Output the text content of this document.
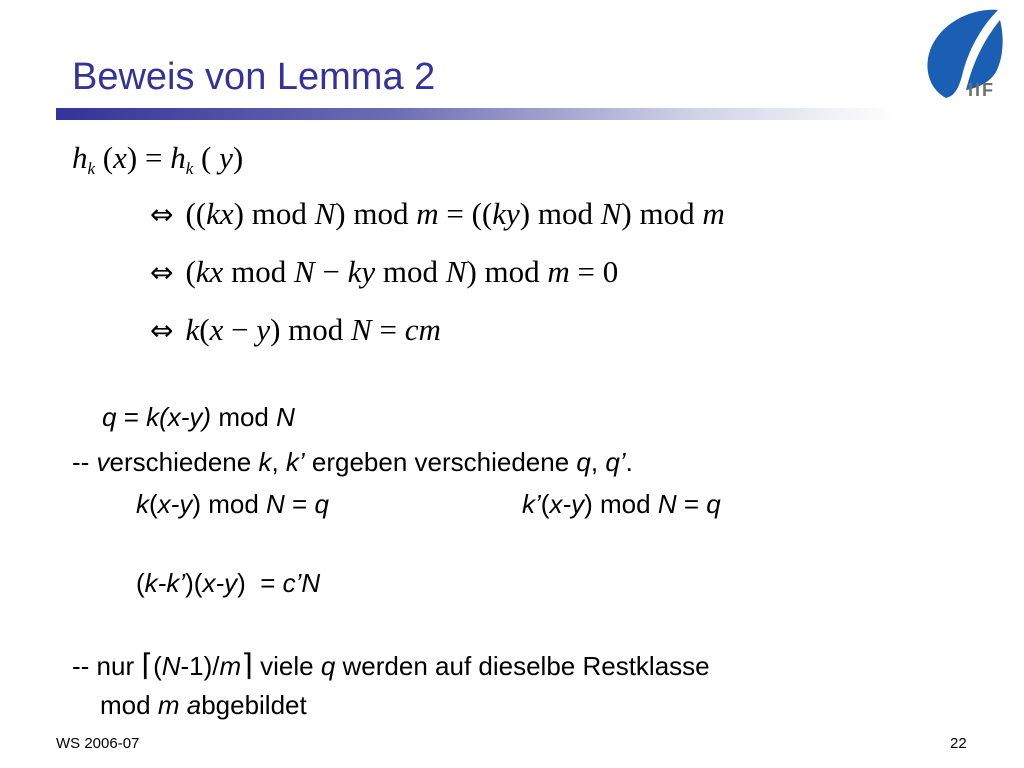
Beweis von Lemma 2	IIF
$h_k$ $(x) = h_k$ ( y)
⇔ ((kx) mod N) mod m = ((ky) mod N) mod m
⇔ (kx mod N − ky mod N) mod m = 0
⇔ k(x − y) mod N = cm
q = k(x-y) mod N
-- verschiedene k, k’ ergeben verschiedene q, q’.
k(x-y) mod N = q	k’(x-y) mod N = q
(k-k’)(x-y)  = c’N
-- nur ⌈(N-1)/m⌉ viele q werden auf dieselbe Restklasse
mod m abgebildet
WS 2006-07	22
